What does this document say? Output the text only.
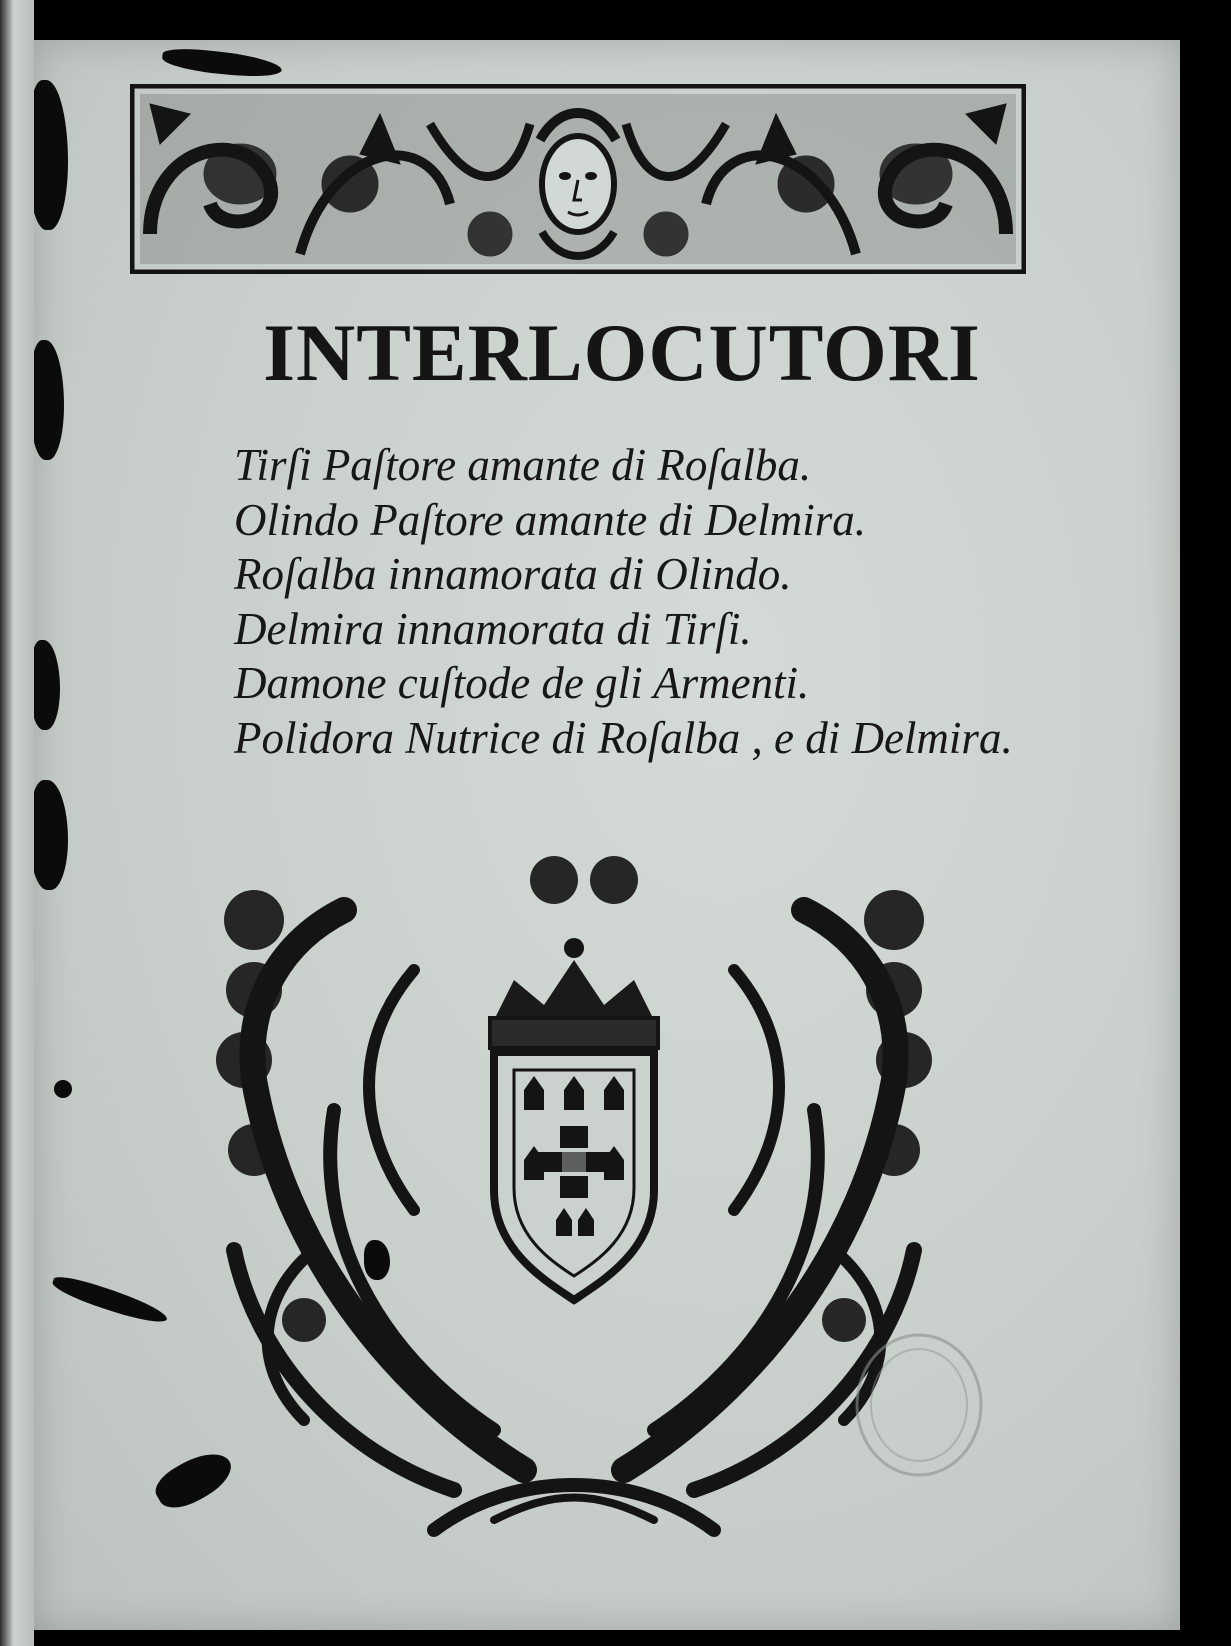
INTERLOCUTORI
Tirſi Paſtore amante di Roſalba.
Olindo Paſtore amante di Delmira.
Roſalba innamorata di Olindo.
Delmira innamorata di Tirſi.
Damone cuſtode de gli Armenti.
Polidora Nutrice di Roſalba , e di Delmira.
